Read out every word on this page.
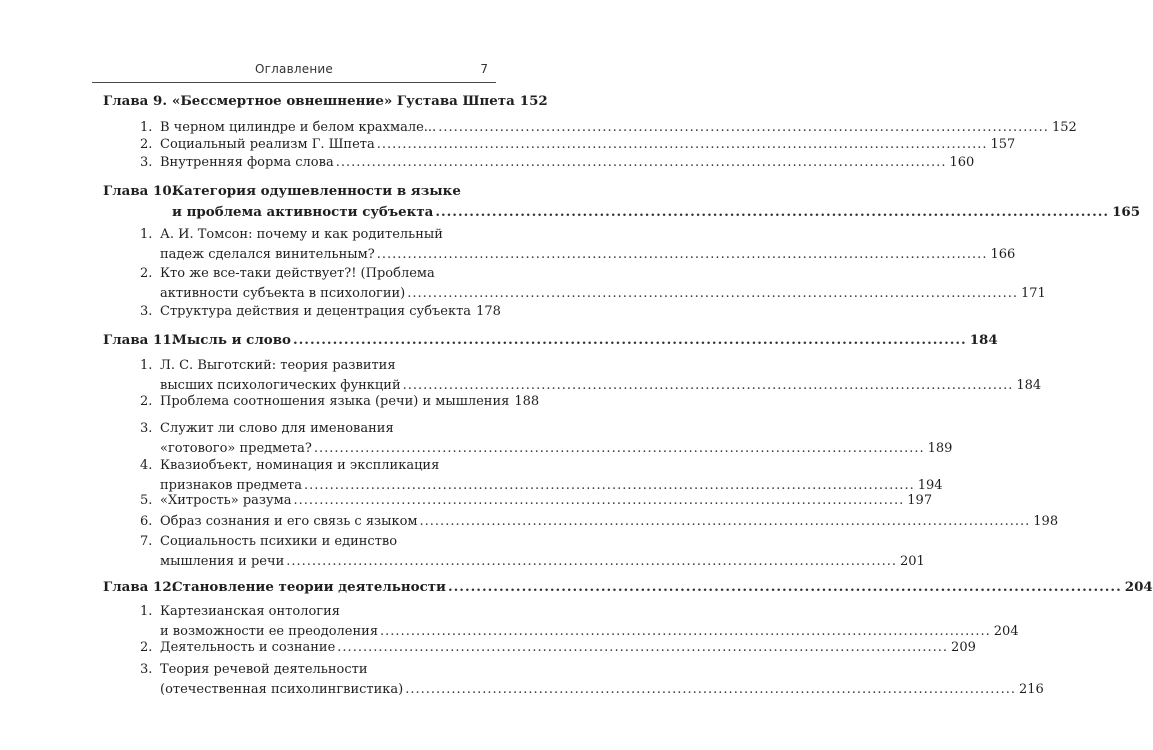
Оглавление	7
Глава 9. «Бессмертное овнешнение» Густава Шпета 152
1. В черном цилиндре и белом крахмале... ....................................................................................................................... 152
2. Социальный реализм Г. Шпета ....................................................................................................................... 157
3. Внутренняя форма слова ....................................................................................................................... 160
Глава 10.
Категория одушевленности в языке
и проблема активности субъекта ....................................................................................................................... 165
1. А. И. Томсон: почему и как родительный
падеж сделался винительным? ....................................................................................................................... 166
2. Кто же все-таки действует?! (Проблема
активности субъекта в психологии) ....................................................................................................................... 171
3. Структура действия и децентрация субъекта 178
Глава 11.
Мысль и слово ....................................................................................................................... 184
1. Л. С. Выготский: теория развития
высших психологических функций ....................................................................................................................... 184
2. Проблема соотношения языка (речи) и мышления 188
3. Служит ли слово для именования
«готового» предмета? ....................................................................................................................... 189
4. Квазиобъект, номинация и экспликация
признаков предмета ....................................................................................................................... 194
5. «Хитрость» разума ....................................................................................................................... 197
6. Образ сознания и его связь с языком ....................................................................................................................... 198
7. Социальность психики и единство
мышления и речи ....................................................................................................................... 201
Глава 12.
Становление теории деятельности ....................................................................................................................... 204
1. Картезианская онтология
и возможности ее преодоления ....................................................................................................................... 204
2. Деятельность и сознание ....................................................................................................................... 209
3. Теория речевой деятельности
(отечественная психолингвистика) ....................................................................................................................... 216
